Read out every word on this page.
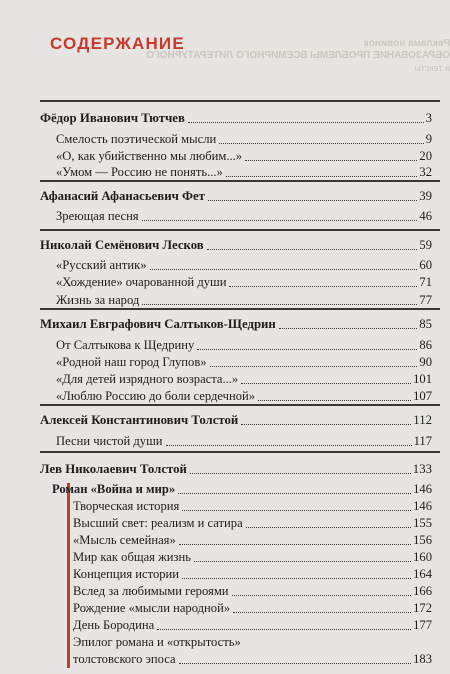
СОДЕРЖАНИЕ	Реклама новинок
ОБРАЗОВАНИЕ ПРОБЛЕМЫ ВСЕМИРНОГО ЛИТЕРАТУРНОГО
и тексты
Фёдор Иванович Тютчев	3
Смелость поэтической мысли	9
«О, как убийственно мы любим...»	20
«Умом — Россию не понять...»	32
Афанасий Афанасьевич Фет	39
Зреющая песня	46
Николай Семёнович Лесков	59
«Русский антик»	60
«Хождение» очарованной души	71
Жизнь за народ	77
Михаил Евграфович Салтыков-Щедрин	85
От Салтыкова к Щедрину	86
«Родной наш город Глупов»	90
«Для детей изрядного возраста...»	101
«Люблю Россию до боли сердечной»	107
Алексей Константинович Толстой	112
Песни чистой души	117
Лев Николаевич Толстой	133
Роман «Война и мир»	146
Творческая история	146
Высший свет: реализм и сатира	155
«Мысль семейная»	156
Мир как общая жизнь	160
Концепция истории	164
Вслед за любимыми героями	166
Рождение «мысли народной»	172
День Бородина	177
Эпилог романа и «открытость»
толстовского эпоса	183
